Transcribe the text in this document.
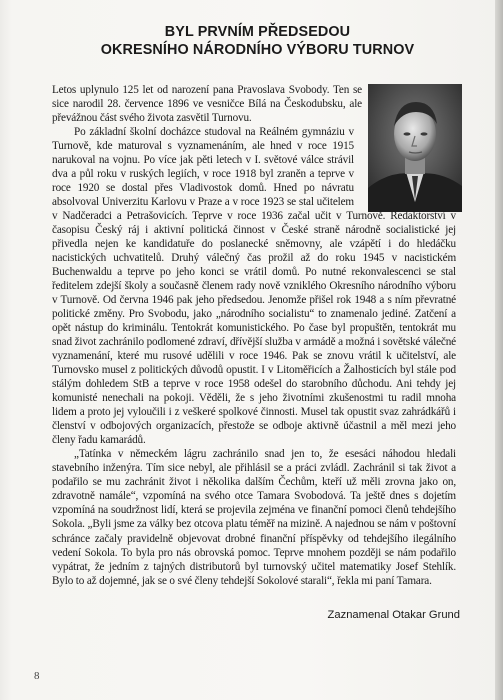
BYL PRVNÍM PŘEDSEDOU
OKRESNÍHO NÁRODNÍHO VÝBORU TURNOV

Letos uplynulo 125 let od narození pana Pravoslava Svobody. Ten se sice narodil 28. července 1896 ve vesničce Bílá na Českodubsku, ale převážnou část svého života zasvětil Turnovu.

Po základní školní docházce studoval na Reálném gymnáziu v Turnově, kde maturoval s vyznamenáním, ale hned v roce 1915 narukoval na vojnu. Po více jak pěti letech v I. světové válce strávil dva a půl roku v ruských legiích, v roce 1918 byl zraněn a teprve v roce 1920 se dostal přes Vladivostok domů. Hned po návratu absolvoval Univerzitu Karlovu v Praze a v roce 1923 se stal učitelem v Nadčeradci a Petrašovicích. Teprve v roce 1936 začal učit v Turnově. Redaktorství v časopisu Český ráj i aktivní politická činnost v České straně národně socialistické jej přivedla nejen ke kandidatuře do poslanecké sněmovny, ale vzápětí i do hledáčku nacistických uchvatitelů. Druhý válečný čas prožil až do roku 1945 v nacistickém Buchenwaldu a teprve po jeho konci se vrátil domů. Po nutné rekonvalescenci se stal ředitelem zdejší školy a současně členem rady nově vzniklého Okresního národního výboru v Turnově. Od června 1946 pak jeho předsedou. Jenomže přišel rok 1948 a s ním převratné politické změny. Pro Svobodu, jako „národního socialistu“ to znamenalo jediné. Zatčení a opět nástup do kriminálu. Tentokrát komunistického. Po čase byl propuštěn, tentokrát mu snad život zachránilo podlomené zdraví, dřívější služba v armádě a možná i sovětské válečné vyznamenání, které mu rusové udělili v roce 1946. Pak se znovu vrátil k učitelství, ale Turnovsko musel z politických důvodů opustit. I v Litoměřicích a Žalhosticích byl stále pod stálým dohledem StB a teprve v roce 1958 odešel do starobního důchodu. Ani tehdy jej komunisté nenechali na pokoji. Věděli, že s jeho životními zkušenostmi tu radil mnoha lidem a proto jej vyloučili i z veškeré spolkové činnosti. Musel tak opustit svaz zahrádkářů i členství v odbojových organizacích, přestože se odboje aktivně účastnil a měl mezi jeho členy řadu kamarádů.

„Tatínka v německém lágru zachránilo snad jen to, že esesáci náhodou hledali stavebního inženýra. Tím sice nebyl, ale přihlásil se a práci zvládl. Zachránil si tak život a podařilo se mu zachránit život i několika dalším Čechům, kteří už měli zrovna jako on, zdravotně namále“, vzpomíná na svého otce Tamara Svobodová. Ta ještě dnes s dojetím vzpomíná na soudržnost lidí, která se projevila zejména ve finanční pomoci členů tehdejšího Sokola. „Byli jsme za války bez otcova platu téměř na mizině. A najednou se nám v poštovní schránce začaly pravidelně objevovat drobné finanční příspěvky od tehdejšího ilegálního vedení Sokola. To byla pro nás obrovská pomoc. Teprve mnohem později se nám podařilo vypátrat, že jedním z tajných distributorů byl turnovský učitel matematiky Josef Stehlík. Bylo to až dojemné, jak se o své členy tehdejší Sokolové starali“, řekla mi paní Tamara.

Zaznamenal Otakar Grund
8
